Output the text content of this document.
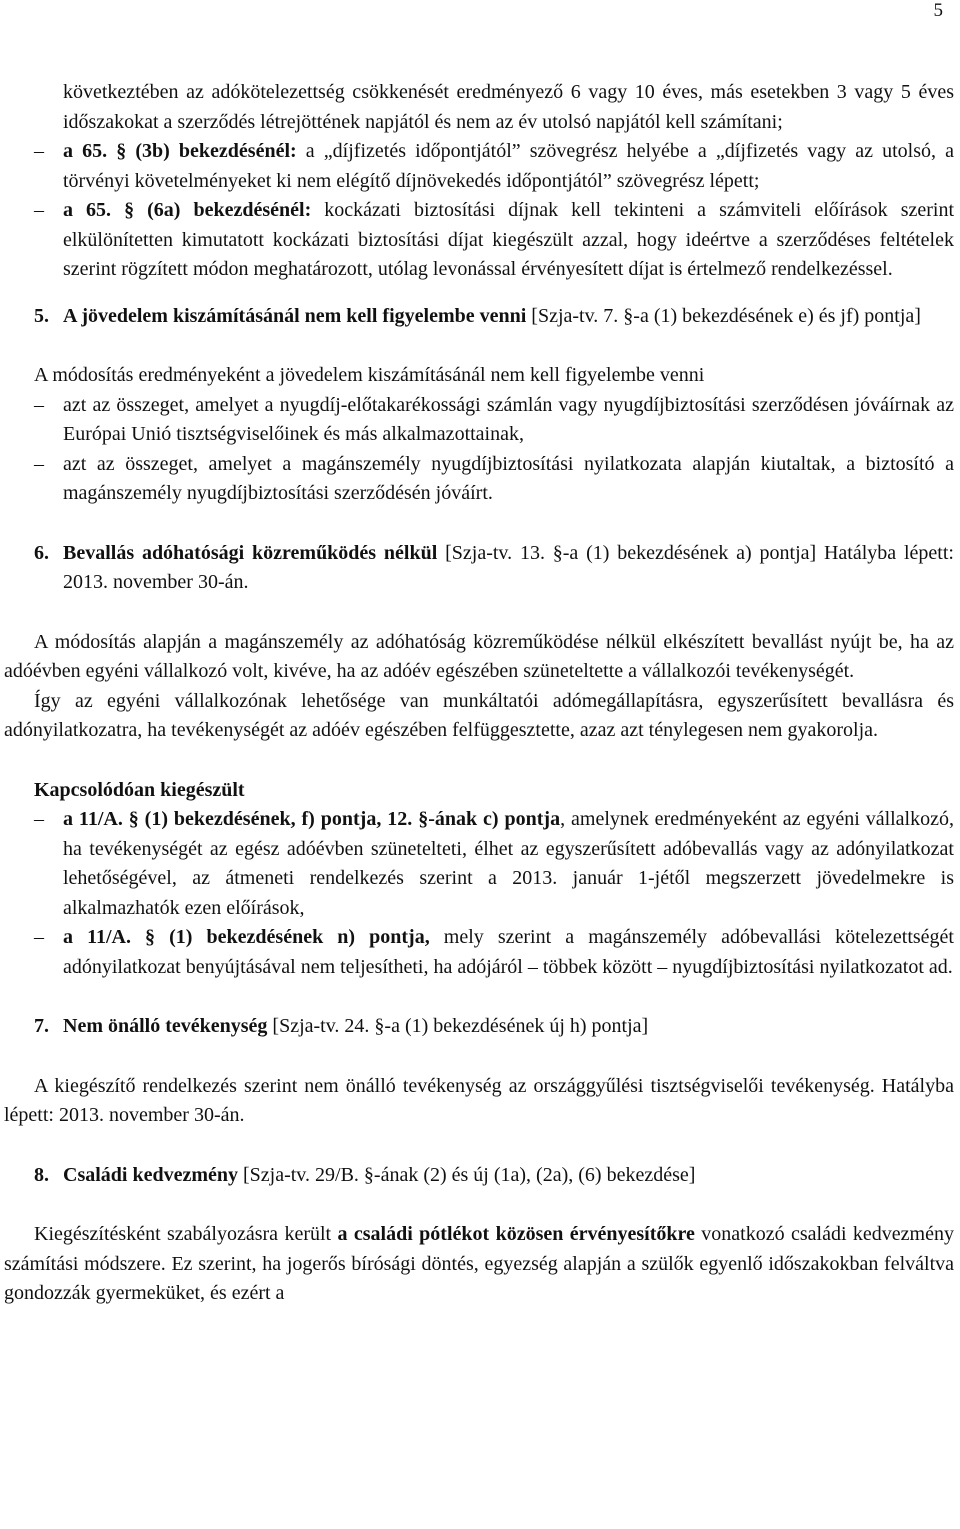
5

következtében az adókötelezettség csökkenését eredményező 6 vagy 10 éves, más esetekben 3 vagy 5 éves időszakokat a szerződés létrejöttének napjától és nem az év utolsó napjától kell számítani;

– a 65. § (3b) bekezdésénél: a „díjfizetés időpontjától” szövegrész helyébe a „díjfizetés vagy az utolsó, a törvényi követelményeket ki nem elégítő díjnövekedés időpontjától” szövegrész lépett;
– a 65. § (6a) bekezdésénél: kockázati biztosítási díjnak kell tekinteni a számviteli előírások szerint elkülönítetten kimutatott kockázati biztosítási díjat kiegészült azzal, hogy ideértve a szerződéses feltételek szerint rögzített módon meghatározott, utólag levonással érvényesített díjat is értelmező rendelkezéssel.
5. A jövedelem kiszámításánál nem kell figyelembe venni [Szja-tv. 7. §-a (1) bekezdésének e) és jf) pontja]

A módosítás eredményeként a jövedelem kiszámításánál nem kell figyelembe venni

– azt az összeget, amelyet a nyugdíj-előtakarékossági számlán vagy nyugdíjbiztosítási szerződésen jóváírnak az Európai Unió tisztségviselőinek és más alkalmazottainak,
– azt az összeget, amelyet a magánszemély nyugdíjbiztosítási nyilatkozata alapján kiutaltak, a biztosító a magánszemély nyugdíjbiztosítási szerződésén jóváírt.
6. Bevallás adóhatósági közreműködés nélkül [Szja-tv. 13. §-a (1) bekezdésének a) pontja] Hatályba lépett: 2013. november 30-án.

A módosítás alapján a magánszemély az adóhatóság közreműködése nélkül elkészített bevallást nyújt be, ha az adóévben egyéni vállalkozó volt, kivéve, ha az adóév egészében szüneteltette a vállalkozói tevékenységét.

Így az egyéni vállalkozónak lehetősége van munkáltatói adómegállapításra, egyszerűsített bevallásra és adónyilatkozatra, ha tevékenységét az adóév egészében felfüggesztette, azaz azt ténylegesen nem gyakorolja.

Kapcsolódóan kiegészült

– a 11/A. § (1) bekezdésének, f) pontja, 12. §-ának c) pontja, amelynek eredményeként az egyéni vállalkozó, ha tevékenységét az egész adóévben szünetelteti, élhet az egyszerűsített adóbevallás vagy az adónyilatkozat lehetőségével, az átmeneti rendelkezés szerint a 2013. január 1-jétől megszerzett jövedelmekre is alkalmazhatók ezen előírások,
– a 11/A. § (1) bekezdésének n) pontja, mely szerint a magánszemély adóbevallási kötelezettségét adónyilatkozat benyújtásával nem teljesítheti, ha adójáról – többek között – nyugdíjbiztosítási nyilatkozatot ad.
7. Nem önálló tevékenység [Szja-tv. 24. §-a (1) bekezdésének új h) pontja]

A kiegészítő rendelkezés szerint nem önálló tevékenység az országgyűlési tisztségviselői tevékenység. Hatályba lépett: 2013. november 30-án.

8. Családi kedvezmény [Szja-tv. 29/B. §-ának (2) és új (1a), (2a), (6) bekezdése]

Kiegészítésként szabályozásra került a családi pótlékot közösen érvényesítőkre vonatkozó családi kedvezmény számítási módszere. Ez szerint, ha jogerős bírósági döntés, egyezség alapján a szülők egyenlő időszakokban felváltva gondozzák gyermeküket, és ezért a
